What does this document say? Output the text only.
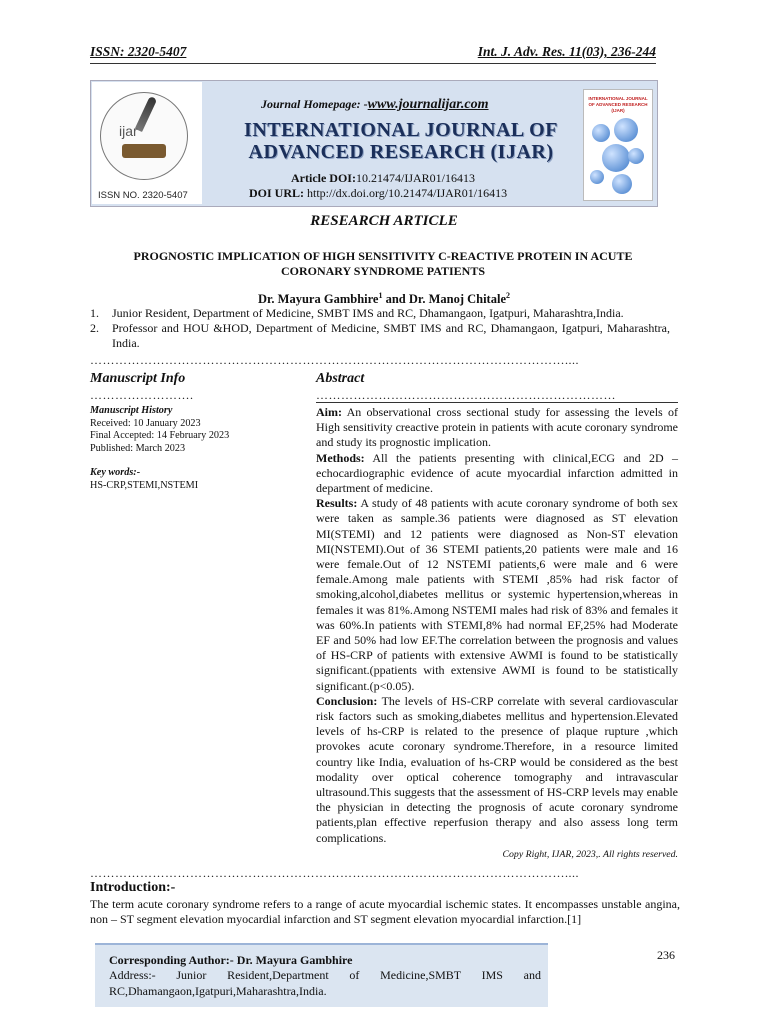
ISSN: 2320-5407	Int. J. Adv. Res. 11(03), 236-244
ijar
ISSN NO. 2320-5407
Journal Homepage: -www.journalijar.com
INTERNATIONAL JOURNAL OF ADVANCED RESEARCH (IJAR)
Article DOI:10.21474/IJAR01/16413
DOI URL: http://dx.doi.org/10.21474/IJAR01/16413
INTERNATIONAL JOURNAL OF ADVANCED RESEARCH (IJAR)
RESEARCH ARTICLE
PROGNOSTIC IMPLICATION OF HIGH SENSITIVITY C-REACTIVE PROTEIN IN ACUTE CORONARY SYNDROME PATIENTS
Dr. Mayura Gambhire$^1$ and Dr. Manoj Chitale$^2$
1.	Junior Resident, Department of Medicine, SMBT IMS and RC, Dhamangaon, Igatpuri, Maharashtra,India.
2.	Professor and HOU &HOD, Department of Medicine, SMBT IMS and RC, Dhamangaon, Igatpuri, Maharashtra, India.
……………………………………………………………………………………………………....
Manuscript Info
…………………….
Manuscript History
Received: 10 January 2023
Final Accepted: 14 February 2023
Published: March 2023
Key words:-
HS-CRP,STEMI,NSTEMI
Abstract
………………………………………………………………

Aim: An observational cross sectional study for assessing the levels of High sensitivity creactive protein in patients with acute coronary syndrome and study its prognostic implication.

Methods: All the patients presenting with clinical,ECG and 2D – echocardiographic evidence of acute myocardial infarction admitted in department of medicine.

Results: A study of 48 patients with acute coronary syndrome of both sex were taken as sample.36 patients were diagnosed as ST elevation MI(STEMI) and 12 patients were diagnosed as Non-ST elevation MI(NSTEMI).Out of 36 STEMI patients,20 patients were male and 16 were female.Out of 12 NSTEMI patients,6 were male and 6 were female.Among male patients with STEMI ,85% had risk factor of smoking,alcohol,diabetes mellitus or systemic hypertension,whereas in females it was 81%.Among NSTEMI males had risk of 83% and females it was 60%.In patients with STEMI,8% had normal EF,25% had Moderate EF and 50% had low EF.The correlation between the prognosis and values of HS-CRP of patients with extensive AWMI is found to be statistically significant.(ppatients with extensive AWMI is found to be statistically significant.(p<0.05).

Conclusion: The levels of HS-CRP correlate with several cardiovascular risk factors such as smoking,diabetes mellitus and hypertension.Elevated levels of hs-CRP is related to the presence of plaque rupture ,which provokes acute coronary syndrome.Therefore, in a resource limited country like India, evaluation of hs-CRP would be considered as the best modality over optical coherence tomography and intravascular ultrasound.This suggests that the assessment of HS-CRP levels may enable the physician in detecting the prognosis of acute coronary syndrome patients,plan effective reperfusion therapy and also assess long term complications.

Copy Right, IJAR, 2023,. All rights reserved.
……………………………………………………………………………………………………....
Introduction:-
The term acute coronary syndrome refers to a range of acute myocardial ischemic states. It encompasses unstable angina, non – ST segment elevation myocardial infarction and ST segment elevation myocardial infarction.[1]
Corresponding Author:- Dr. Mayura Gambhire
Address:- Junior Resident,Department of Medicine,SMBT IMS and
RC,Dhamangaon,Igatpuri,Maharashtra,India.
236
